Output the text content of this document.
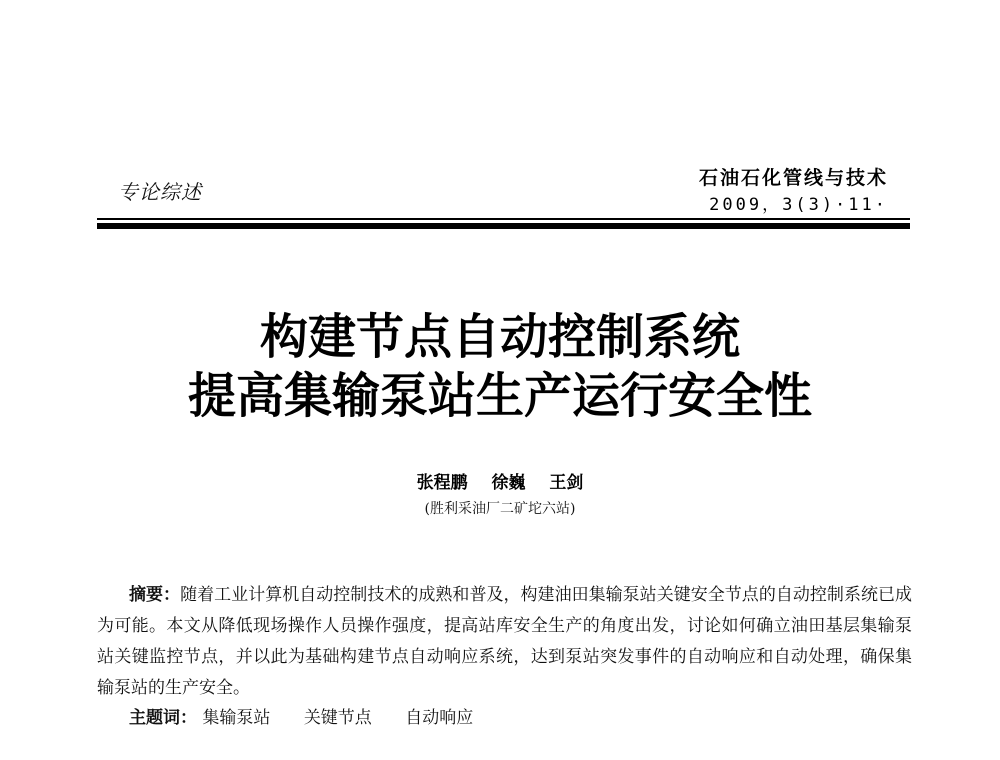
专论综述
石油石化管线与技术
2009，3(3)·11·
构建节点自动控制系统
提高集输泵站生产运行安全性
张程鹏 徐巍 王剑
(胜利采油厂二矿坨六站)
摘要：随着工业计算机自动控制技术的成熟和普及，构建油田集输泵站关键安全节点的自动控制系统已成为可能。本文从降低现场操作人员操作强度，提高站库安全生产的角度出发，讨论如何确立油田基层集输泵站关键监控节点，并以此为基础构建节点自动响应系统，达到泵站突发事件的自动响应和自动处理，确保集输泵站的生产安全。
主题词： 集输泵站 关键节点 自动响应
